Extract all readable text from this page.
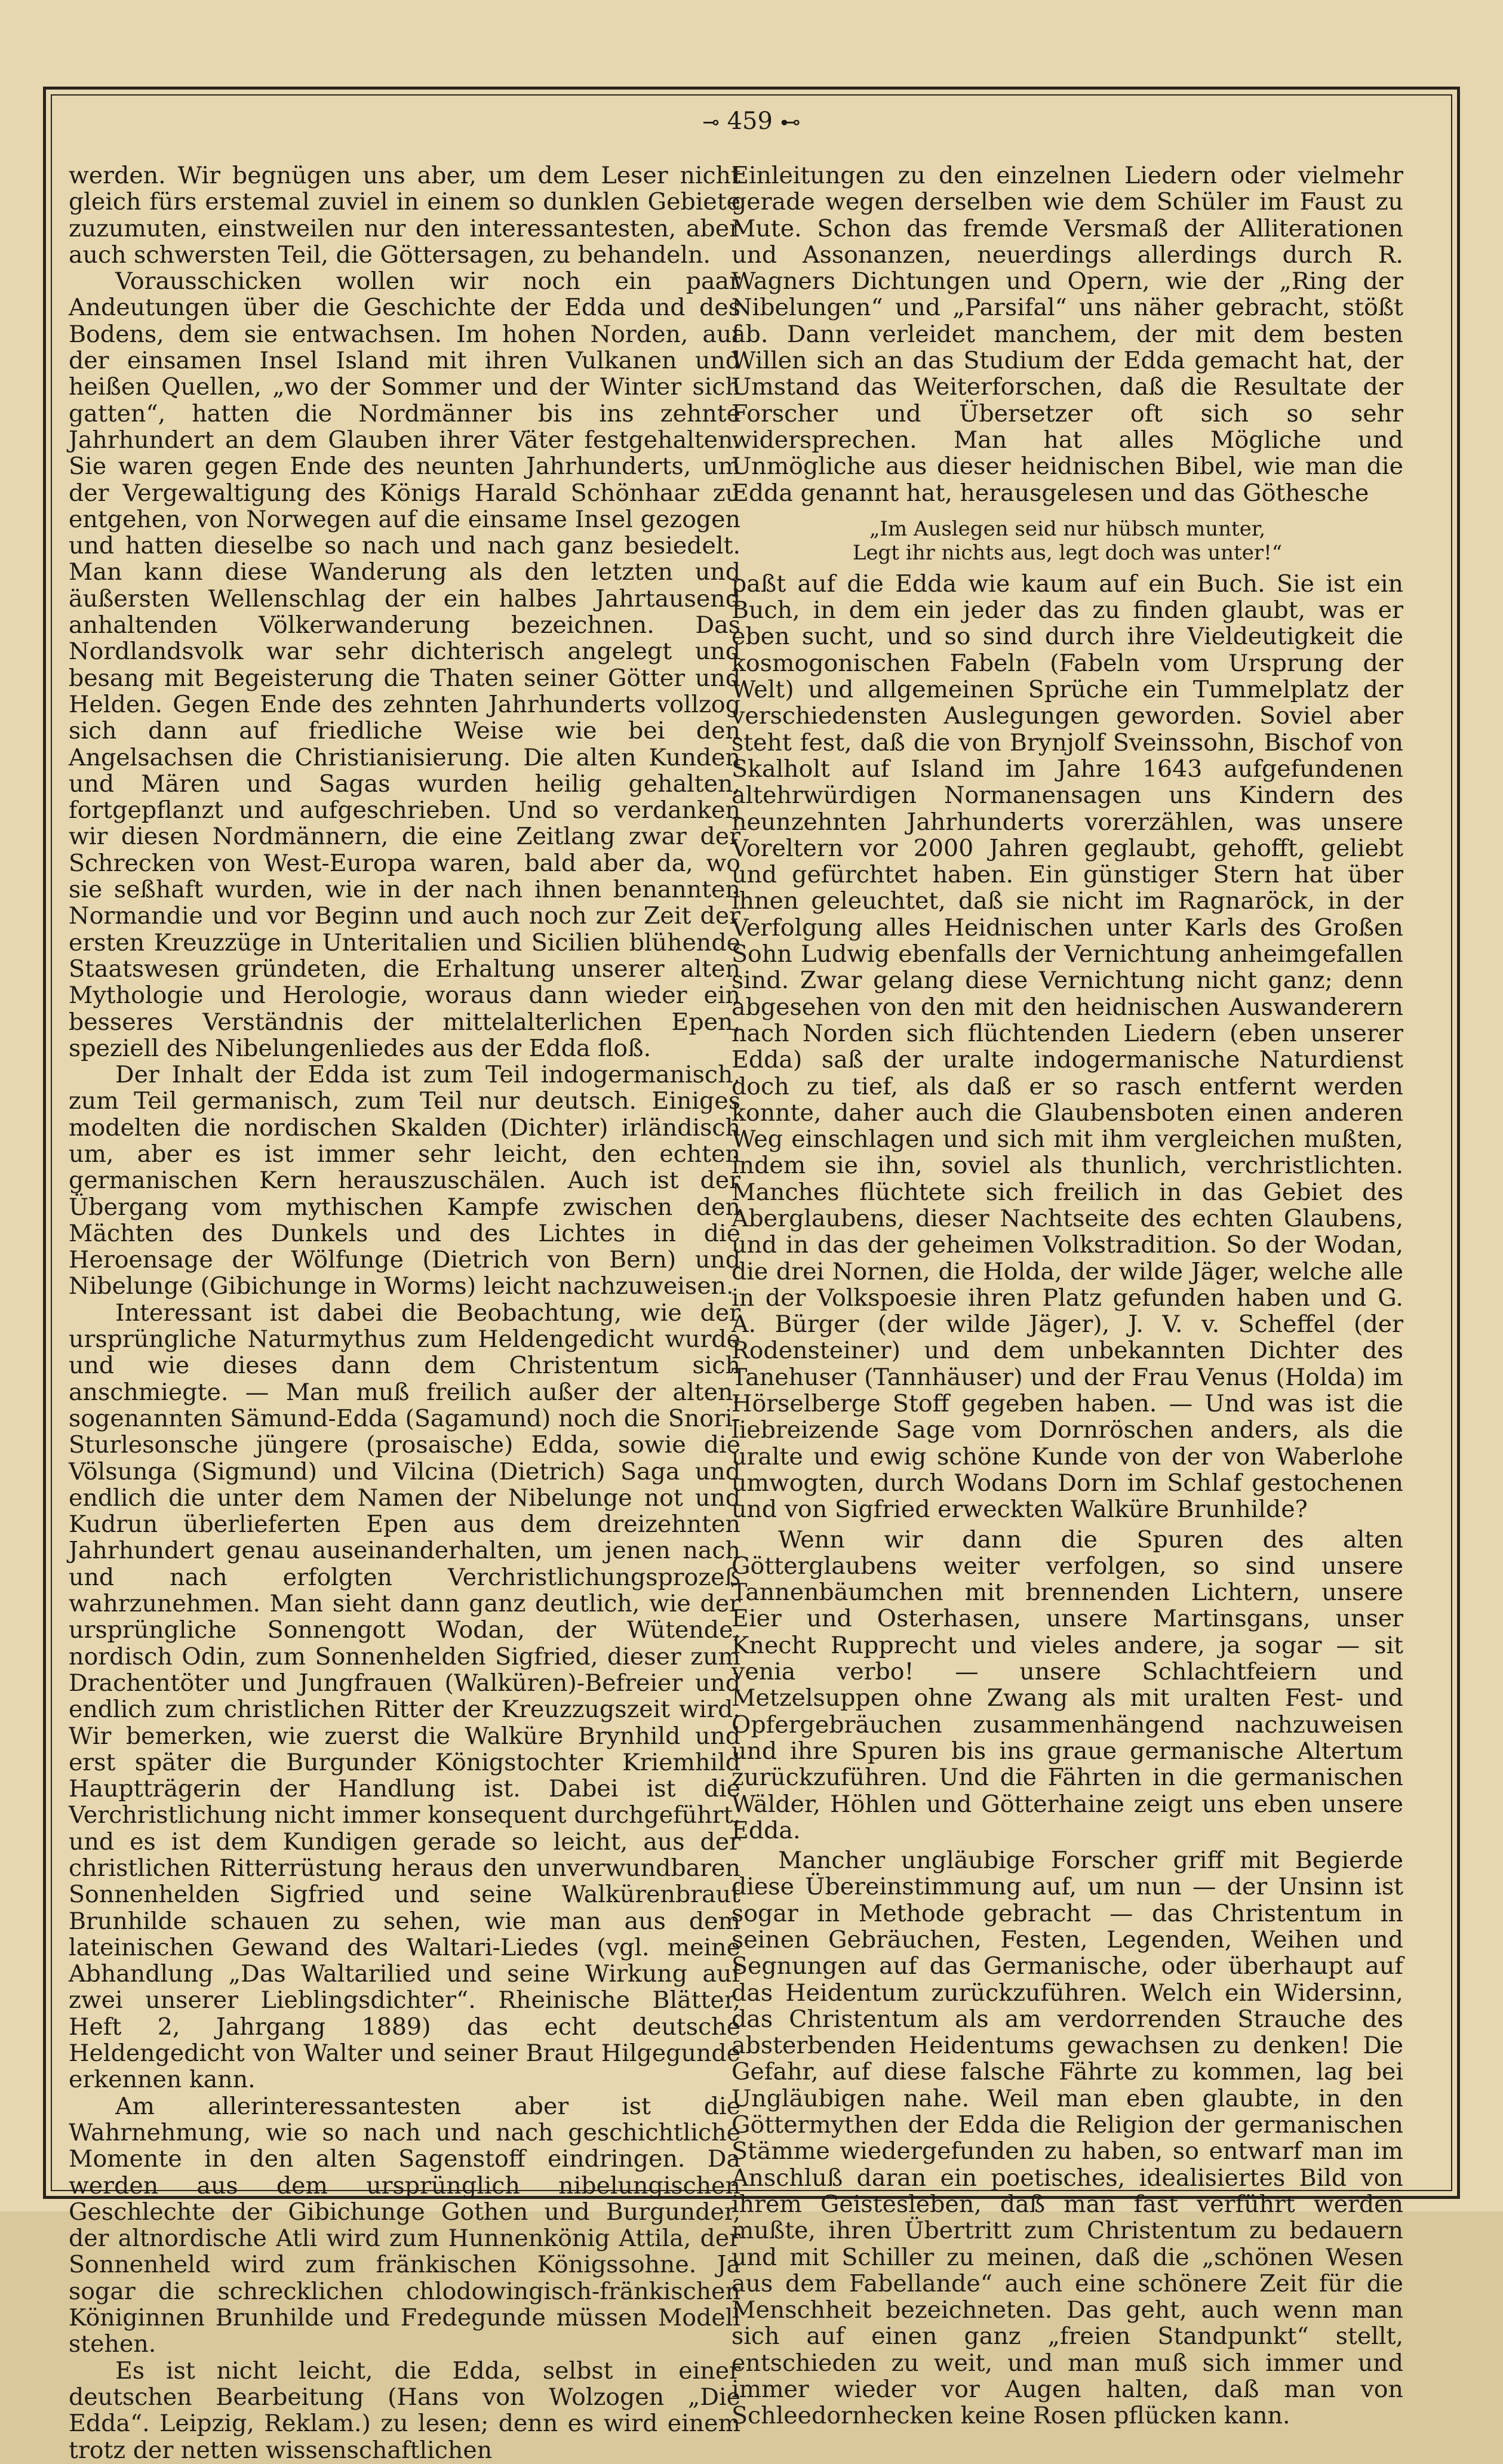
⊸ 459 ⊷

werden. Wir begnügen uns aber, um dem Leser nicht gleich fürs erstemal zuviel in einem so dunklen Gebiete zuzumuten, einstweilen nur den interessantesten, aber auch schwersten Teil, die Göttersagen, zu behandeln.

Vorausschicken wollen wir noch ein paar Andeutungen über die Geschichte der Edda und des Bodens, dem sie entwachsen. Im hohen Norden, auf der einsamen Insel Island mit ihren Vulkanen und heißen Quellen, „wo der Sommer und der Winter sich gatten“, hatten die Nordmänner bis ins zehnte Jahrhundert an dem Glauben ihrer Väter festgehalten. Sie waren gegen Ende des neunten Jahrhunderts, um der Vergewaltigung des Königs Harald Schönhaar zu entgehen, von Norwegen auf die einsame Insel gezogen und hatten dieselbe so nach und nach ganz besiedelt. Man kann diese Wanderung als den letzten und äußersten Wellenschlag der ein halbes Jahrtausend anhaltenden Völkerwanderung bezeichnen. Das Nordlandsvolk war sehr dichterisch angelegt und besang mit Begeisterung die Thaten seiner Götter und Helden. Gegen Ende des zehnten Jahrhunderts vollzog sich dann auf friedliche Weise wie bei den Angelsachsen die Christianisierung. Die alten Kunden und Mären und Sagas wurden heilig gehalten, fortgepflanzt und aufgeschrieben. Und so verdanken wir diesen Nordmännern, die eine Zeitlang zwar der Schrecken von West-Europa waren, bald aber da, wo sie seßhaft wurden, wie in der nach ihnen benannten Normandie und vor Beginn und auch noch zur Zeit der ersten Kreuzzüge in Unteritalien und Sicilien blühende Staatswesen gründeten, die Erhaltung unserer alten Mythologie und Herologie, woraus dann wieder ein besseres Verständnis der mittelalterlichen Epen, speziell des Nibelungenliedes aus der Edda floß.

Der Inhalt der Edda ist zum Teil indogermanisch, zum Teil germanisch, zum Teil nur deutsch. Einiges modelten die nordischen Skalden (Dichter) irländisch um, aber es ist immer sehr leicht, den echten germanischen Kern herauszuschälen. Auch ist der Übergang vom mythischen Kampfe zwischen den Mächten des Dunkels und des Lichtes in die Heroensage der Wölfunge (Dietrich von Bern) und Nibelunge (Gibichunge in Worms) leicht nachzuweisen.

Interessant ist dabei die Beobachtung, wie der ursprüngliche Naturmythus zum Heldengedicht wurde und wie dieses dann dem Christentum sich anschmiegte. — Man muß freilich außer der alten, sogenannten Sämund-Edda (Sagamund) noch die Snori-Sturlesonsche jüngere (prosaische) Edda, sowie die Völsunga (Sigmund) und Vilcina (Dietrich) Saga und endlich die unter dem Namen der Nibelunge not und Kudrun überlieferten Epen aus dem dreizehnten Jahrhundert genau auseinanderhalten, um jenen nach und nach erfolgten Verchristlichungsprozeß wahrzunehmen. Man sieht dann ganz deutlich, wie der ursprüngliche Sonnengott Wodan, der Wütende, nordisch Odin, zum Sonnenhelden Sigfried, dieser zum Drachentöter und Jungfrauen (Walküren)-Befreier und endlich zum christlichen Ritter der Kreuzzugszeit wird. Wir bemerken, wie zuerst die Walküre Brynhild und erst später die Burgunder Königstochter Kriemhild Hauptträgerin der Handlung ist. Dabei ist die Verchristlichung nicht immer konsequent durchgeführt, und es ist dem Kundigen gerade so leicht, aus der christlichen Ritterrüstung heraus den unverwundbaren Sonnenhelden Sigfried und seine Walkürenbraut Brunhilde schauen zu sehen, wie man aus dem lateinischen Gewand des Waltari-Liedes (vgl. meine Abhandlung „Das Waltarilied und seine Wirkung auf zwei unserer Lieblingsdichter“. Rheinische Blätter, Heft 2, Jahrgang 1889) das echt deutsche Heldengedicht von Walter und seiner Braut Hilgegunde erkennen kann.

Am allerinteressantesten aber ist die Wahrnehmung, wie so nach und nach geschichtliche Momente in den alten Sagenstoff eindringen. Da werden aus dem ursprünglich nibelungischen Geschlechte der Gibichunge Gothen und Burgunder, der altnordische Atli wird zum Hunnenkönig Attila, der Sonnenheld wird zum fränkischen Königssohne. Ja sogar die schrecklichen chlodowingisch-fränkischen Königinnen Brunhilde und Fredegunde müssen Modell stehen.

Es ist nicht leicht, die Edda, selbst in einer deutschen Bearbeitung (Hans von Wolzogen „Die Edda“. Leipzig, Reklam.) zu lesen; denn es wird einem trotz der netten wissenschaftlichen

Einleitungen zu den einzelnen Liedern oder vielmehr gerade wegen derselben wie dem Schüler im Faust zu Mute. Schon das fremde Versmaß der Alliterationen und Assonanzen, neuerdings allerdings durch R. Wagners Dichtungen und Opern, wie der „Ring der Nibelungen“ und „Parsifal“ uns näher gebracht, stößt ab. Dann verleidet manchem, der mit dem besten Willen sich an das Studium der Edda gemacht hat, der Umstand das Weiterforschen, daß die Resultate der Forscher und Übersetzer oft sich so sehr widersprechen. Man hat alles Mögliche und Unmögliche aus dieser heidnischen Bibel, wie man die Edda genannt hat, herausgelesen und das Göthesche

„Im Auslegen seid nur hübsch munter,
Legt ihr nichts aus, legt doch was unter!“

paßt auf die Edda wie kaum auf ein Buch. Sie ist ein Buch, in dem ein jeder das zu finden glaubt, was er eben sucht, und so sind durch ihre Vieldeutigkeit die kosmogonischen Fabeln (Fabeln vom Ursprung der Welt) und allgemeinen Sprüche ein Tummelplatz der verschiedensten Auslegungen geworden. Soviel aber steht fest, daß die von Brynjolf Sveinssohn, Bischof von Skalholt auf Island im Jahre 1643 aufgefundenen altehrwürdigen Normanensagen uns Kindern des neunzehnten Jahrhunderts vorerzählen, was unsere Voreltern vor 2000 Jahren geglaubt, gehofft, geliebt und gefürchtet haben. Ein günstiger Stern hat über ihnen geleuchtet, daß sie nicht im Ragnaröck, in der Verfolgung alles Heidnischen unter Karls des Großen Sohn Ludwig ebenfalls der Vernichtung anheimgefallen sind. Zwar gelang diese Vernichtung nicht ganz; denn abgesehen von den mit den heidnischen Auswanderern nach Norden sich flüchtenden Liedern (eben unserer Edda) saß der uralte indogermanische Naturdienst doch zu tief, als daß er so rasch entfernt werden konnte, daher auch die Glaubensboten einen anderen Weg einschlagen und sich mit ihm vergleichen mußten, indem sie ihn, soviel als thunlich, verchristlichten. Manches flüchtete sich freilich in das Gebiet des Aberglaubens, dieser Nachtseite des echten Glaubens, und in das der geheimen Volkstradition. So der Wodan, die drei Nornen, die Holda, der wilde Jäger, welche alle in der Volkspoesie ihren Platz gefunden haben und G. A. Bürger (der wilde Jäger), J. V. v. Scheffel (der Rodensteiner) und dem unbekannten Dichter des Tanehuser (Tannhäuser) und der Frau Venus (Holda) im Hörselberge Stoff gegeben haben. — Und was ist die liebreizende Sage vom Dornröschen anders, als die uralte und ewig schöne Kunde von der von Waberlohe umwogten, durch Wodans Dorn im Schlaf gestochenen und von Sigfried erweckten Walküre Brunhilde?

Wenn wir dann die Spuren des alten Götterglaubens weiter verfolgen, so sind unsere Tannenbäumchen mit brennenden Lichtern, unsere Eier und Osterhasen, unsere Martinsgans, unser Knecht Rupprecht und vieles andere, ja sogar — sit venia verbo! — unsere Schlachtfeiern und Metzelsuppen ohne Zwang als mit uralten Fest- und Opfergebräuchen zusammenhängend nachzuweisen und ihre Spuren bis ins graue germanische Altertum zurückzuführen. Und die Fährten in die germanischen Wälder, Höhlen und Götterhaine zeigt uns eben unsere Edda.

Mancher ungläubige Forscher griff mit Begierde diese Übereinstimmung auf, um nun — der Unsinn ist sogar in Methode gebracht — das Christentum in seinen Gebräuchen, Festen, Legenden, Weihen und Segnungen auf das Germanische, oder überhaupt auf das Heidentum zurückzuführen. Welch ein Widersinn, das Christentum als am verdorrenden Strauche des absterbenden Heidentums gewachsen zu denken! Die Gefahr, auf diese falsche Fährte zu kommen, lag bei Ungläubigen nahe. Weil man eben glaubte, in den Göttermythen der Edda die Religion der germanischen Stämme wiedergefunden zu haben, so entwarf man im Anschluß daran ein poetisches, idealisiertes Bild von ihrem Geistesleben, daß man fast verführt werden mußte, ihren Übertritt zum Christentum zu bedauern und mit Schiller zu meinen, daß die „schönen Wesen aus dem Fabellande“ auch eine schönere Zeit für die Menschheit bezeichneten. Das geht, auch wenn man sich auf einen ganz „freien Standpunkt“ stellt, entschieden zu weit, und man muß sich immer und immer wieder vor Augen halten, daß man von Schleedornhecken keine Rosen pflücken kann.
